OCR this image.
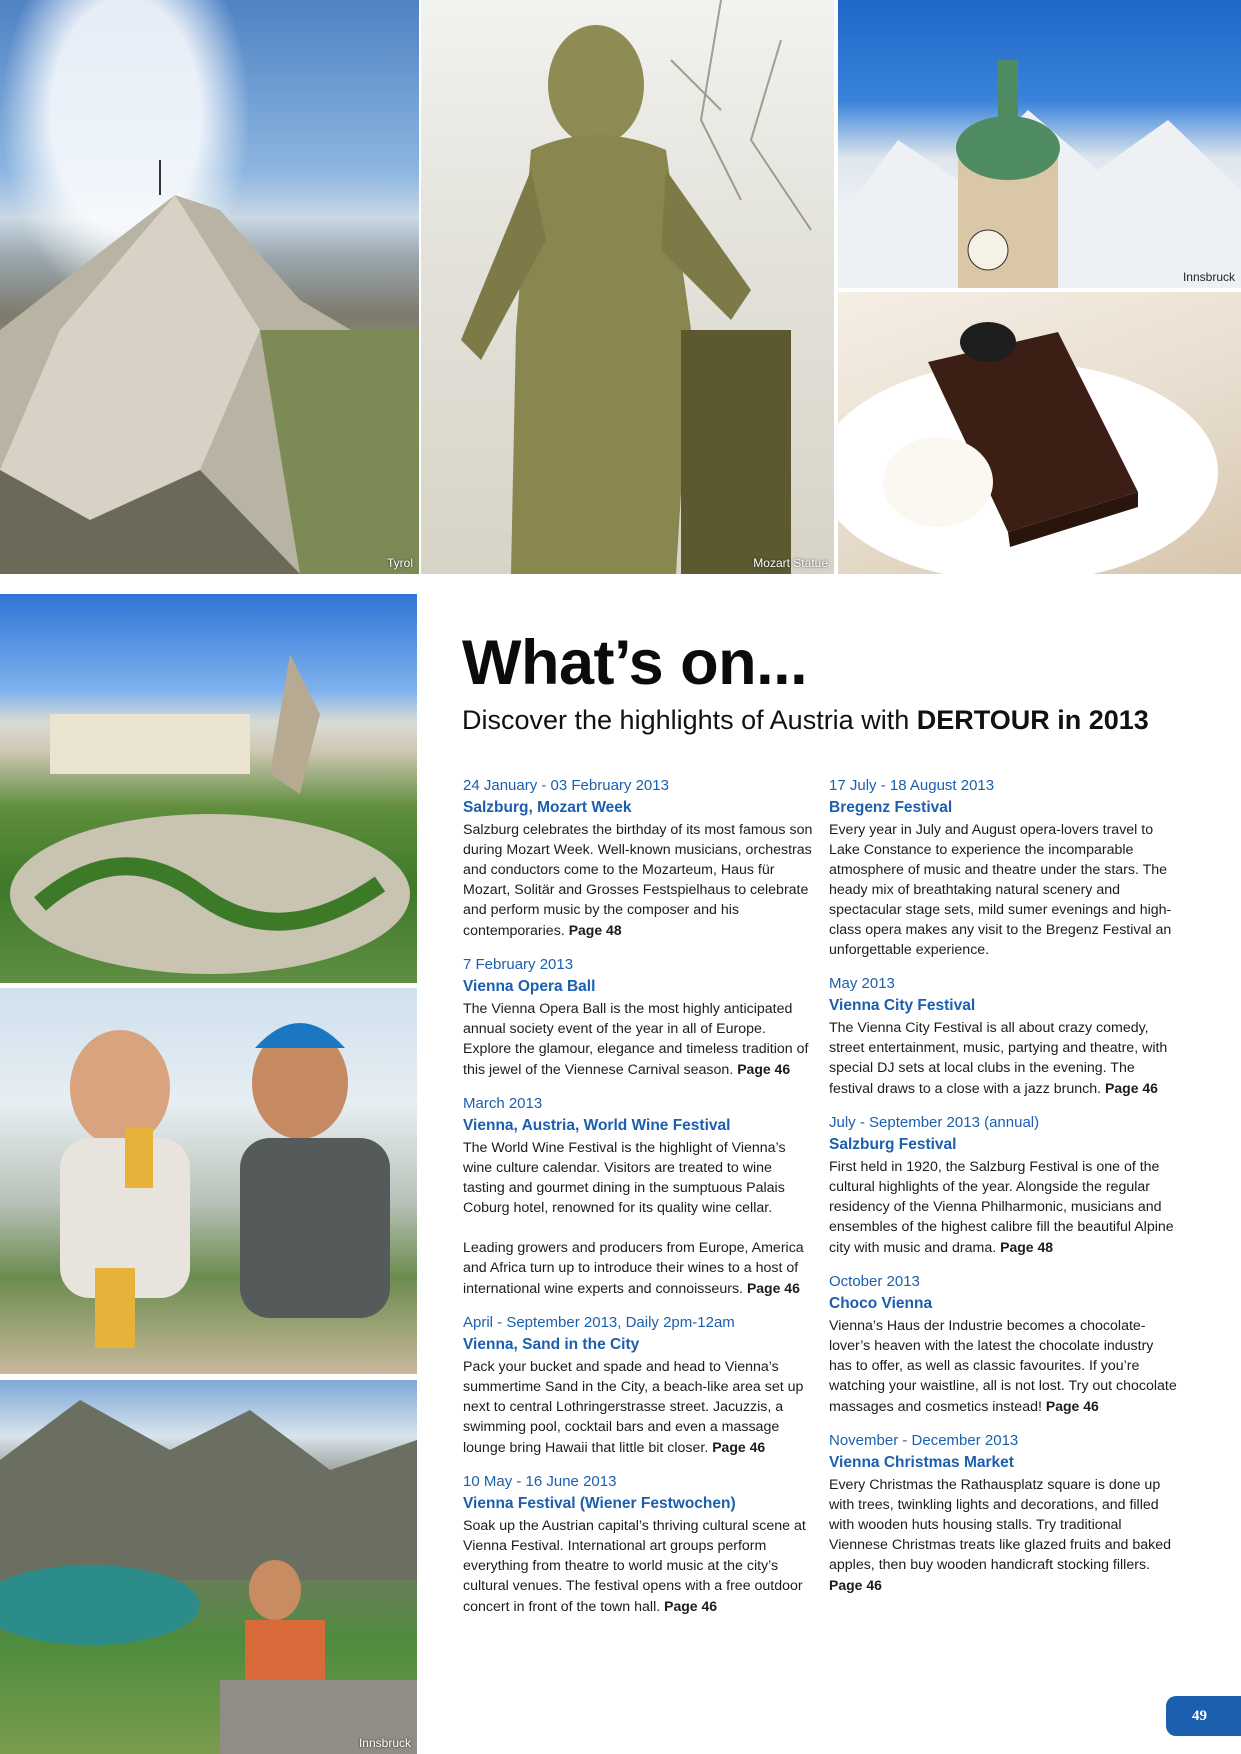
Tyrol	Mozart Statue
Innsbruck
Innsbruck
What’s on...
Discover the highlights of Austria with DERTOUR in 2013
24 January - 03 February 2013
Salzburg, Mozart Week

Salzburg celebrates the birthday of its most famous son during Mozart Week. Well-known musicians, orchestras and conductors come to the Mozarteum, Haus für Mozart, Solitär and Grosses Festspielhaus to celebrate and perform music by the composer and his contemporaries. Page 48

7 February 2013
Vienna Opera Ball

The Vienna Opera Ball is the most highly anticipated annual society event of the year in all of Europe. Explore the glamour, elegance and timeless tradition of this jewel of the Viennese Carnival season. Page 46

March 2013
Vienna, Austria, World Wine Festival

The World Wine Festival is the highlight of Vienna’s wine culture calendar. Visitors are treated to wine tasting and gourmet dining in the sumptuous Palais Coburg hotel, renowned for its quality wine cellar.

Leading growers and producers from Europe, America and Africa turn up to introduce their wines to a host of international wine experts and connoisseurs. Page 46

April - September 2013, Daily 2pm-12am
Vienna, Sand in the City

Pack your bucket and spade and head to Vienna’s summertime Sand in the City, a beach-like area set up next to central Lothringerstrasse street. Jacuzzis, a swimming pool, cocktail bars and even a massage lounge bring Hawaii that little bit closer. Page 46

10 May - 16 June 2013
Vienna Festival (Wiener Festwochen)

Soak up the Austrian capital’s thriving cultural scene at Vienna Festival. International art groups perform everything from theatre to world music at the city’s cultural venues. The festival opens with a free outdoor concert in front of the town hall. Page 46

17 July - 18 August 2013
Bregenz Festival

Every year in July and August opera-lovers travel to Lake Constance to experience the incomparable atmosphere of music and theatre under the stars. The heady mix of breathtaking natural scenery and spectacular stage sets, mild sumer evenings and high-class opera makes any visit to the Bregenz Festival an unforgettable experience.

May 2013
Vienna City Festival

The Vienna City Festival is all about crazy comedy, street entertainment, music, partying and theatre, with special DJ sets at local clubs in the evening. The festival draws to a close with a jazz brunch. Page 46

July - September 2013 (annual)
Salzburg Festival

First held in 1920, the Salzburg Festival is one of the cultural highlights of the year. Alongside the regular residency of the Vienna Philharmonic, musicians and ensembles of the highest calibre fill the beautiful Alpine city with music and drama. Page 48

October 2013
Choco Vienna

Vienna’s Haus der Industrie becomes a chocolate-lover’s heaven with the latest the chocolate industry has to offer, as well as classic favourites. If you’re watching your waistline, all is not lost. Try out chocolate massages and cosmetics instead! Page 46

November - December 2013
Vienna Christmas Market

Every Christmas the Rathausplatz square is done up with trees, twinkling lights and decorations, and filled with wooden huts housing stalls. Try traditional Viennese Christmas treats like glazed fruits and baked apples, then buy wooden handicraft stocking fillers. Page 46

49
